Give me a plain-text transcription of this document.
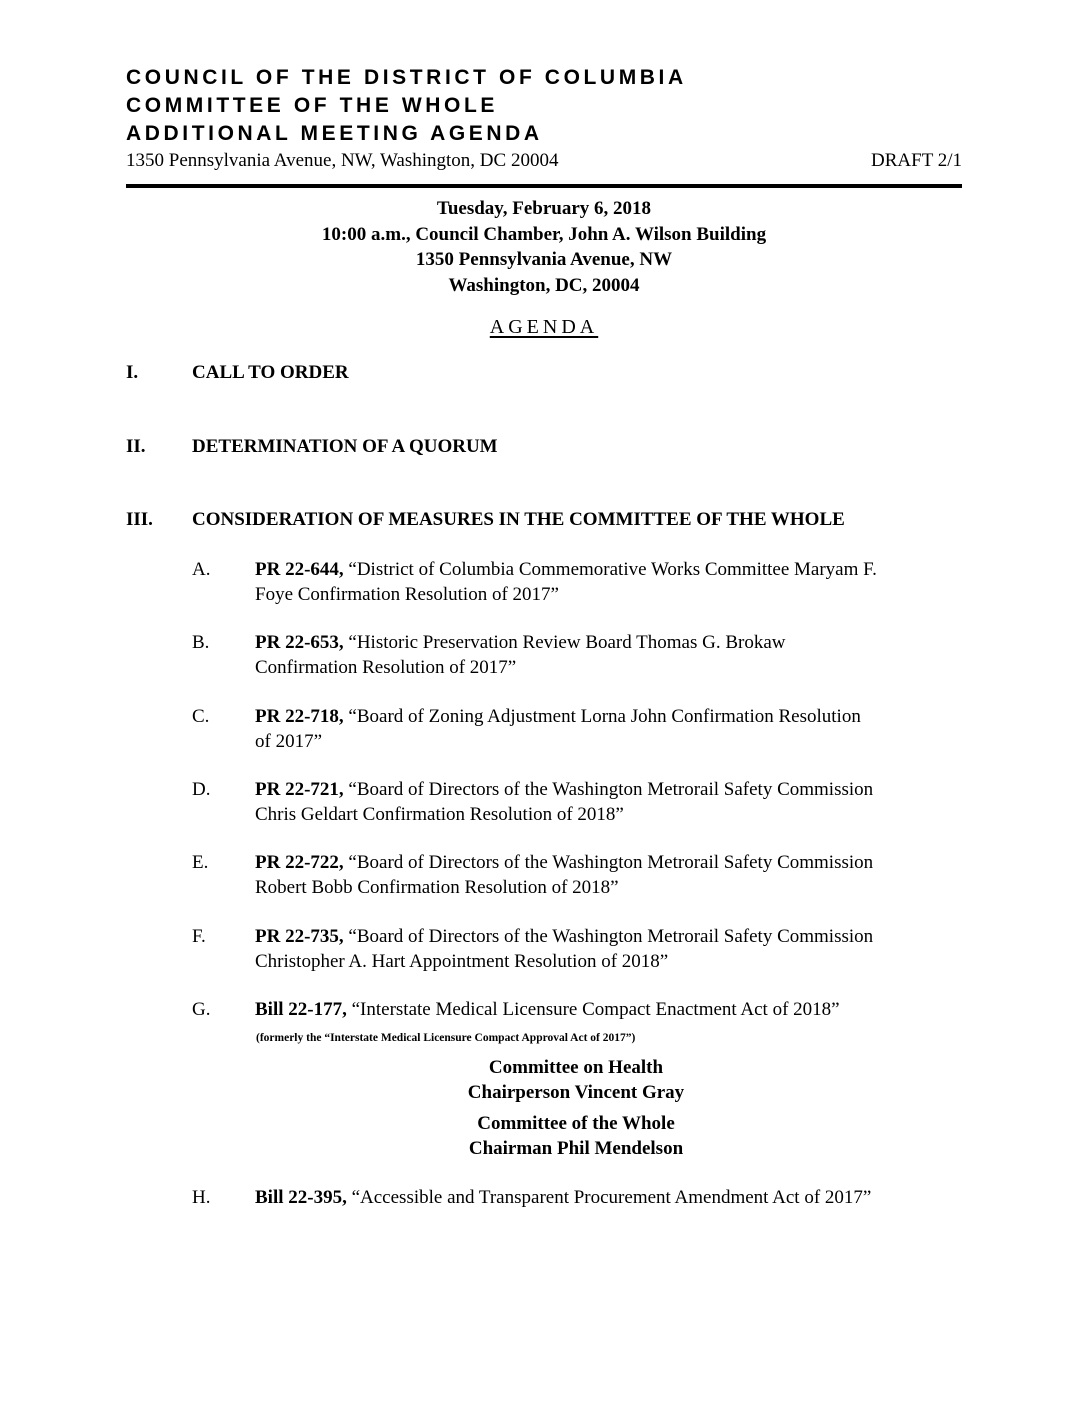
COUNCIL OF THE DISTRICT OF COLUMBIA
COMMITTEE OF THE WHOLE
ADDITIONAL MEETING AGENDA
1350 Pennsylvania Avenue, NW, Washington, DC 20004	DRAFT 2/1
Tuesday, February 6, 2018
10:00 a.m., Council Chamber, John A. Wilson Building
1350 Pennsylvania Avenue, NW
Washington, DC, 20004
AGENDA
I.	CALL TO ORDER
II. DETERMINATION OF A QUORUM
III. CONSIDERATION OF MEASURES IN THE COMMITTEE OF THE WHOLE
A. PR 22-644, “District of Columbia Commemorative Works Committee Maryam F.
Foye Confirmation Resolution of 2017”
B. PR 22-653, “Historic Preservation Review Board Thomas G. Brokaw
Confirmation Resolution of 2017”
C. PR 22-718, “Board of Zoning Adjustment Lorna John Confirmation Resolution
of 2017”
D. PR 22-721, “Board of Directors of the Washington Metrorail Safety Commission
Chris Geldart Confirmation Resolution of 2018”
E. PR 22-722, “Board of Directors of the Washington Metrorail Safety Commission
Robert Bobb Confirmation Resolution of 2018”
F.	PR 22-735, “Board of Directors of the Washington Metrorail Safety Commission
Christopher A. Hart Appointment Resolution of 2018”
G. Bill 22-177, “Interstate Medical Licensure Compact Enactment Act of 2018”
(formerly the “Interstate Medical Licensure Compact Approval Act of 2017”)
Committee on Health
Chairperson Vincent Gray
Committee of the Whole
Chairman Phil Mendelson
H. Bill 22-395, “Accessible and Transparent Procurement Amendment Act of 2017”
